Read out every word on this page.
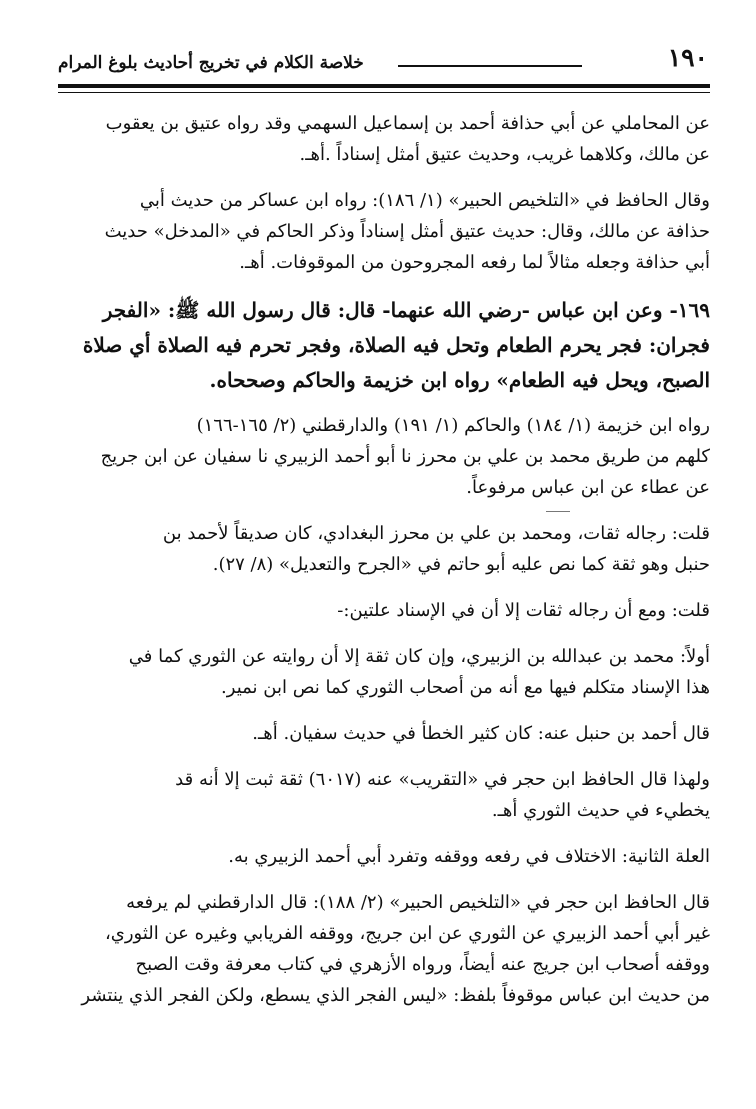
١٩٠
خلاصة الكلام في تخريج أحاديث بلوغ المرام

عن المحاملي عن أبي حذافة أحمد بن إسماعيل السهمي وقد رواه عتيق بن يعقوب
عن مالك، وكلاهما غريب، وحديث عتيق أمثل إسناداً .أهـ.

وقال الحافظ في «التلخيص الحبير» (١/ ١٨٦): رواه ابن عساكر من حديث أبي
حذافة عن مالك، وقال: حديث عتيق أمثل إسناداً وذكر الحاكم في «المدخل» حديث
أبي حذافة وجعله مثالاً لما رفعه المجروحون من الموقوفات. أهـ.

١٦٩- وعن ابن عباس -رضي الله عنهما- قال: قال رسول الله ﷺ: «الفجر
فجران: فجر يحرم الطعام وتحل فيه الصلاة، وفجر تحرم فيه الصلاة أي صلاة
الصبح، ويحل فيه الطعام» رواه ابن خزيمة والحاكم وصححاه.

رواه ابن خزيمة (١/ ١٨٤) والحاكم (١/ ١٩١) والدارقطني (٢/ ١٦٥-١٦٦)
كلهم من طريق محمد بن علي بن محرز نا أبو أحمد الزبيري نا سفيان عن ابن جريج
عن عطاء عن ابن عباس مرفوعاً.

قلت: رجاله ثقات، ومحمد بن علي بن محرز البغدادي، كان صديقاً لأحمد بن
حنبل وهو ثقة كما نص عليه أبو حاتم في «الجرح والتعديل» (٨/ ٢٧).

قلت: ومع أن رجاله ثقات إلا أن في الإسناد علتين:-

أولاً: محمد بن عبدالله بن الزبيري، وإن كان ثقة إلا أن روايته عن الثوري كما في
هذا الإسناد متكلم فيها مع أنه من أصحاب الثوري كما نص ابن نمير.

قال أحمد بن حنبل عنه: كان كثير الخطأ في حديث سفيان. أهـ.

ولهذا قال الحافظ ابن حجر في «التقريب» عنه (٦٠١٧) ثقة ثبت إلا أنه قد
يخطيء في حديث الثوري أهـ.

العلة الثانية: الاختلاف في رفعه ووقفه وتفرد أبي أحمد الزبيري به.

قال الحافظ ابن حجر في «التلخيص الحبير» (٢/ ١٨٨): قال الدارقطني لم يرفعه
غير أبي أحمد الزبيري عن الثوري عن ابن جريج، ووقفه الفريابي وغيره عن الثوري،
ووقفه أصحاب ابن جريج عنه أيضاً، ورواه الأزهري في كتاب معرفة وقت الصبح
من حديث ابن عباس موقوفاً بلفظ: «ليس الفجر الذي يسطع، ولكن الفجر الذي ينتشر
